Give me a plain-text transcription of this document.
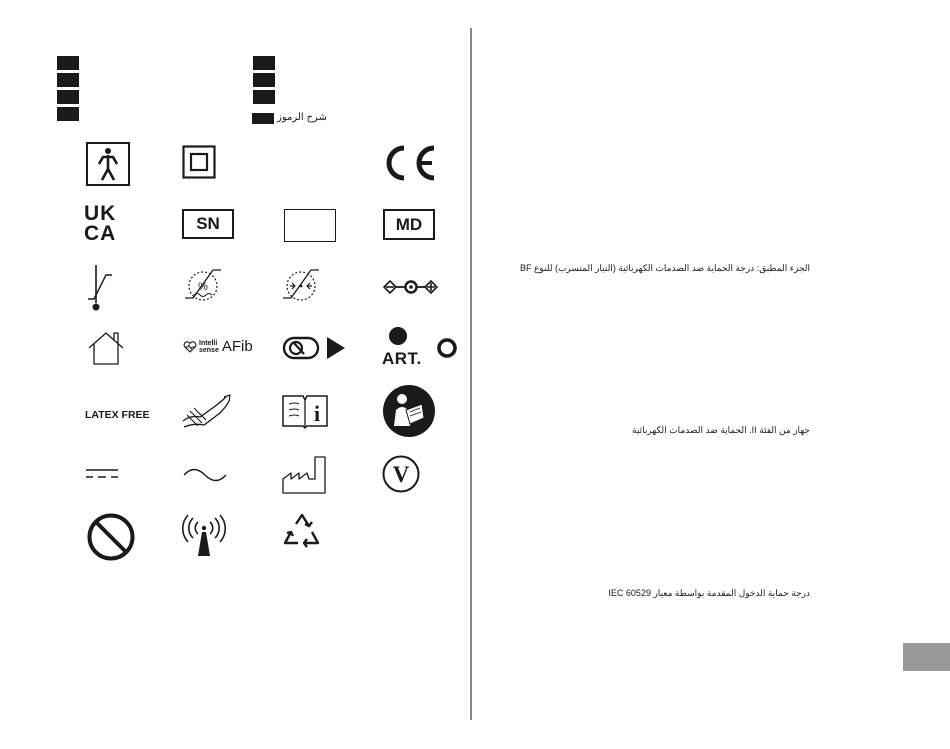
شرح الرموز
UK
CA	SN	MD
%
Intelli
sense AFib
ART.
LATEX FREE	i
V
الجزء المطبق: درجة الحماية ضد الصدمات الكهربائية (التيار المتسرب) للنوع BF
جهاز من الفئة II. الحماية ضد الصدمات الكهربائية
درجة حماية الدخول المقدمة بواسطة معيار IEC 60529
